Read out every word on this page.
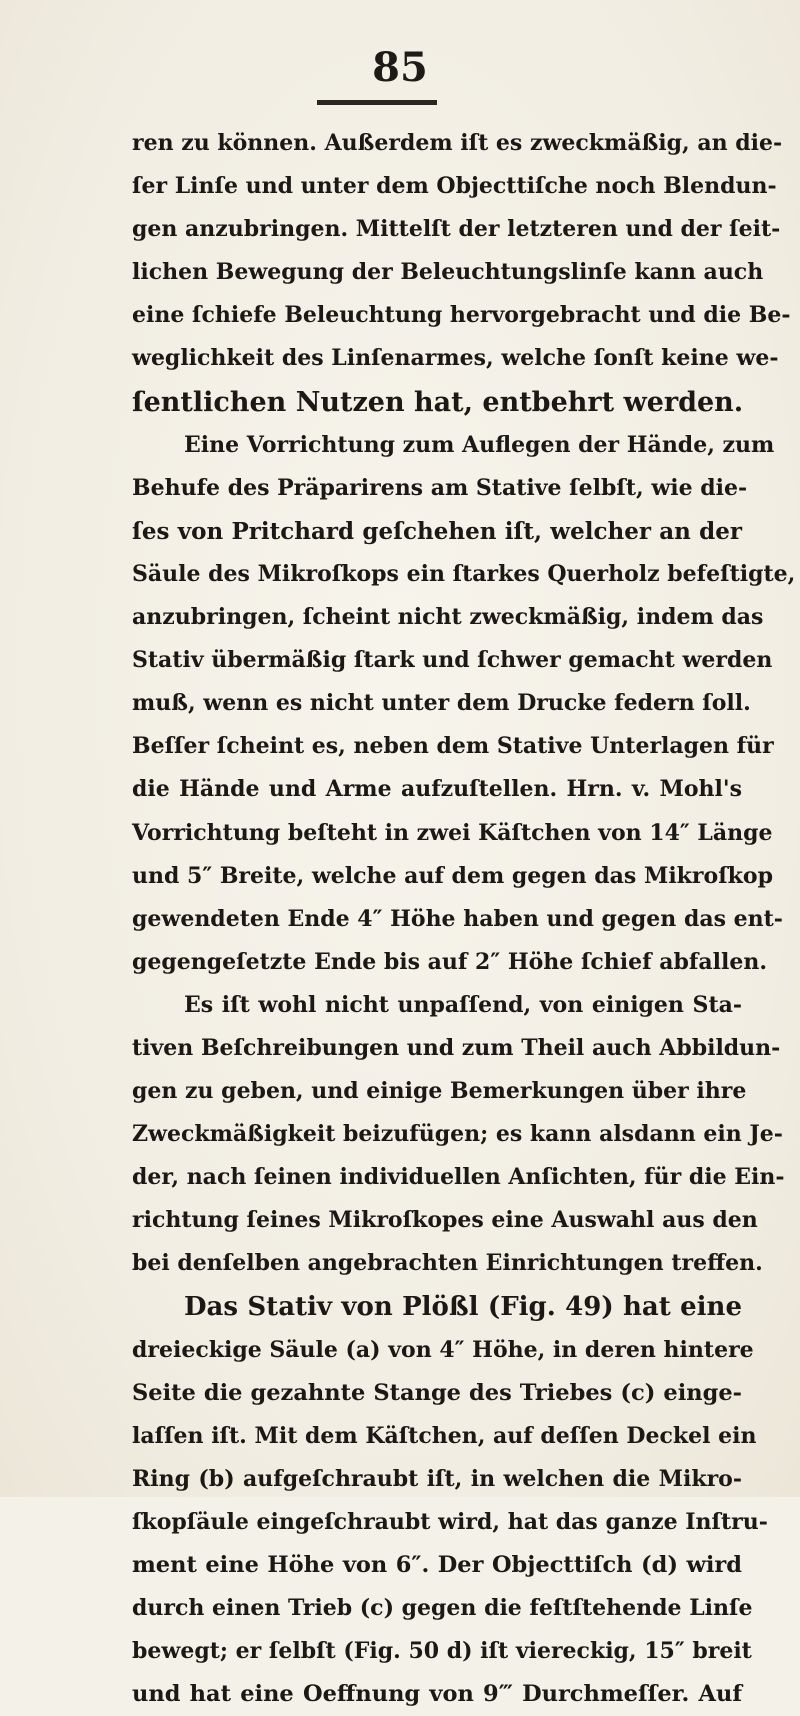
85
ren zu können. Außerdem iſt es zweckmäßig, an die-
ſer Linſe und unter dem Objecttiſche noch Blendun-
gen anzubringen. Mittelſt der letzteren und der ſeit-
lichen Bewegung der Beleuchtungslinſe kann auch
eine ſchiefe Beleuchtung hervorgebracht und die Be-
weglichkeit des Linſenarmes, welche ſonſt keine we-
ſentlichen Nutzen hat, entbehrt werden.
Eine Vorrichtung zum Auflegen der Hände, zum
Behufe des Präparirens am Stative ſelbſt, wie die-
ſes von Pritchard geſchehen iſt, welcher an der
Säule des Mikroſkops ein ſtarkes Querholz befeſtigte,
anzubringen, ſcheint nicht zweckmäßig, indem das
Stativ übermäßig ſtark und ſchwer gemacht werden
muß, wenn es nicht unter dem Drucke federn ſoll.
Beſſer ſcheint es, neben dem Stative Unterlagen für
die Hände und Arme aufzuſtellen. Hrn. v. Mohl's
Vorrichtung beſteht in zwei Käſtchen von 14″ Länge
und 5″ Breite, welche auf dem gegen das Mikroſkop
gewendeten Ende 4″ Höhe haben und gegen das ent-
gegengeſetzte Ende bis auf 2″ Höhe ſchief abfallen.
Es iſt wohl nicht unpaſſend, von einigen Sta-
tiven Beſchreibungen und zum Theil auch Abbildun-
gen zu geben, und einige Bemerkungen über ihre
Zweckmäßigkeit beizufügen; es kann alsdann ein Je-
der, nach ſeinen individuellen Anſichten, für die Ein-
richtung ſeines Mikroſkopes eine Auswahl aus den
bei denſelben angebrachten Einrichtungen treffen.
Das Stativ von Plößl (Fig. 49) hat eine
dreieckige Säule (a) von 4″ Höhe, in deren hintere
Seite die gezahnte Stange des Triebes (c) einge-
laſſen iſt. Mit dem Käſtchen, auf deſſen Deckel ein
Ring (b) aufgeſchraubt iſt, in welchen die Mikro-
ſkopſäule eingeſchraubt wird, hat das ganze Inſtru-
ment eine Höhe von 6″. Der Objecttiſch (d) wird
durch einen Trieb (c) gegen die feſtſtehende Linſe
bewegt; er ſelbſt (Fig. 50 d) iſt viereckig, 15″ breit
und hat eine Oeffnung von 9‴ Durchmeſſer. Auf
